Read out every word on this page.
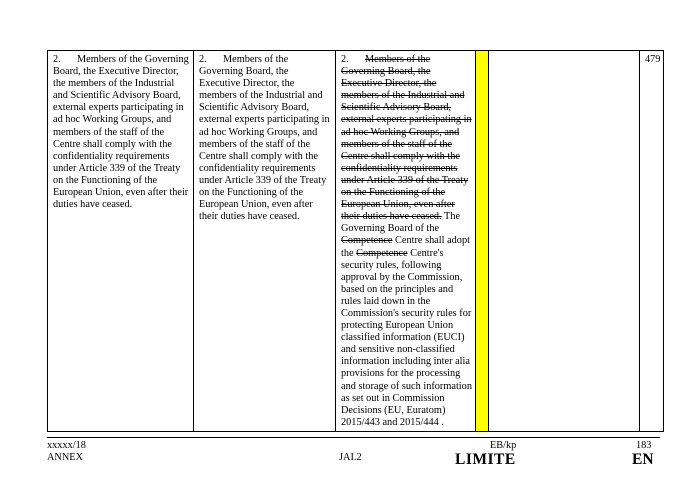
2. Members of the Governing Board, the Executive Director, the members of the Industrial and Scientific Advisory Board, external experts participating in ad hoc Working Groups, and members of the staff of the Centre shall comply with the confidentiality requirements under Article 339 of the Treaty on the Functioning of the European Union, even after their duties have ceased.	2. Members of the Governing Board, the Executive Director, the members of the Industrial and Scientific Advisory Board, external experts participating in ad hoc Working Groups, and members of the staff of the Centre shall comply with the confidentiality requirements under Article 339 of the Treaty on the Functioning of the European Union, even after their duties have ceased.	2. Members of the Governing Board, the Executive Director, the members of the Industrial and Scientific Advisory Board, external experts participating in ad hoc Working Groups, and members of the staff of the Centre shall comply with the confidentiality requirements under Article 339 of the Treaty on the Functioning of the European Union, even after their duties have ceased. The Governing Board of the Competence Centre shall adopt the Competence Centre's security rules, following approval by the Commission, based on the principles and rules laid down in the Commission's security rules for protecting European Union classified information (EUCI) and sensitive non-classified information including inter alia provisions for the processing and storage of such information as set out in Commission Decisions (EU, Euratom) 2015/443 and 2015/444 .			479
xxxxx/18	EB/kp	183
ANNEX	JAI.2	LIMITE	EN
